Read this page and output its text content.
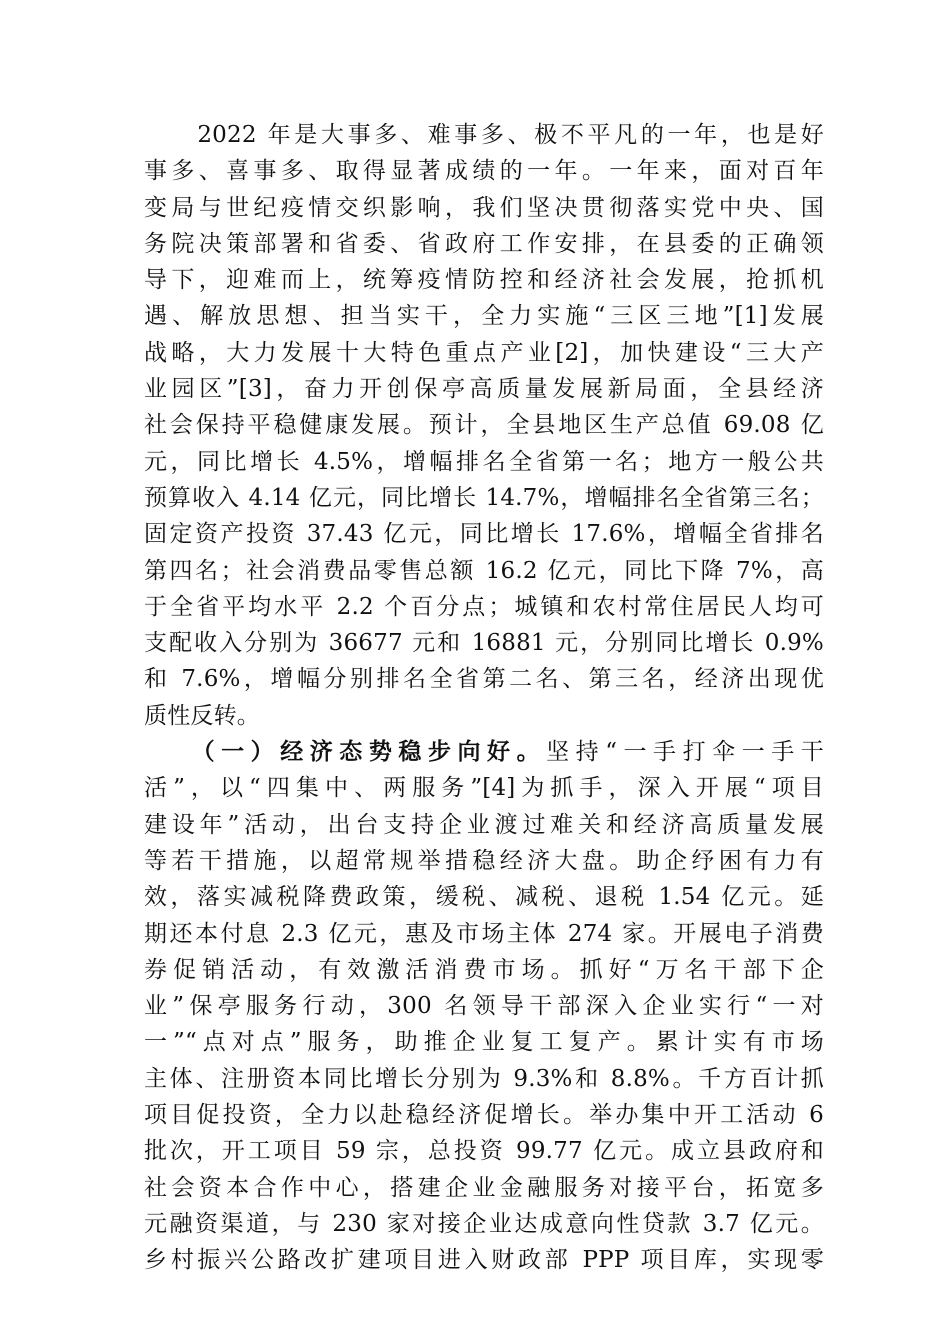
　　2022 年是大事多、难事多、极不平凡的一年，也是好
事多、喜事多、取得显著成绩的一年。一年来，面对百年
变局与世纪疫情交织影响，我们坚决贯彻落实党中央、国
务院决策部署和省委、省政府工作安排，在县委的正确领
导下，迎难而上，统筹疫情防控和经济社会发展，抢抓机
遇、解放思想、担当实干，全力实施“三区三地”[1]发展
战略，大力发展十大特色重点产业[2]，加快建设“三大产
业园区”[3]，奋力开创保亭高质量发展新局面，全县经济
社会保持平稳健康发展。预计，全县地区生产总值 69.08 亿
元，同比增长 4.5%，增幅排名全省第一名；地方一般公共
预算收入 4.14 亿元，同比增长 14.7%，增幅排名全省第三名；
固定资产投资 37.43 亿元，同比增长 17.6%，增幅全省排名
第四名；社会消费品零售总额 16.2 亿元，同比下降 7%，高
于全省平均水平 2.2 个百分点；城镇和农村常住居民人均可
支配收入分别为 36677 元和 16881 元，分别同比增长 0.9%
和 7.6%，增幅分别排名全省第二名、第三名，经济出现优
质性反转。
　　（一）经济态势稳步向好。坚持“一手打伞一手干
活”，以“四集中、两服务”[4]为抓手，深入开展“项目
建设年”活动，出台支持企业渡过难关和经济高质量发展
等若干措施，以超常规举措稳经济大盘。助企纾困有力有
效，落实减税降费政策，缓税、减税、退税 1.54 亿元。延
期还本付息 2.3 亿元，惠及市场主体 274 家。开展电子消费
券促销活动，有效激活消费市场。抓好“万名干部下企
业”保亭服务行动，300 名领导干部深入企业实行“一对
一”“点对点”服务，助推企业复工复产。累计实有市场
主体、注册资本同比增长分别为 9.3%和 8.8%。千方百计抓
项目促投资，全力以赴稳经济促增长。举办集中开工活动 6
批次，开工项目 59 宗，总投资 99.77 亿元。成立县政府和
社会资本合作中心，搭建企业金融服务对接平台，拓宽多
元融资渠道，与 230 家对接企业达成意向性贷款 3.7 亿元。
乡村振兴公路改扩建项目进入财政部 PPP 项目库，实现零
